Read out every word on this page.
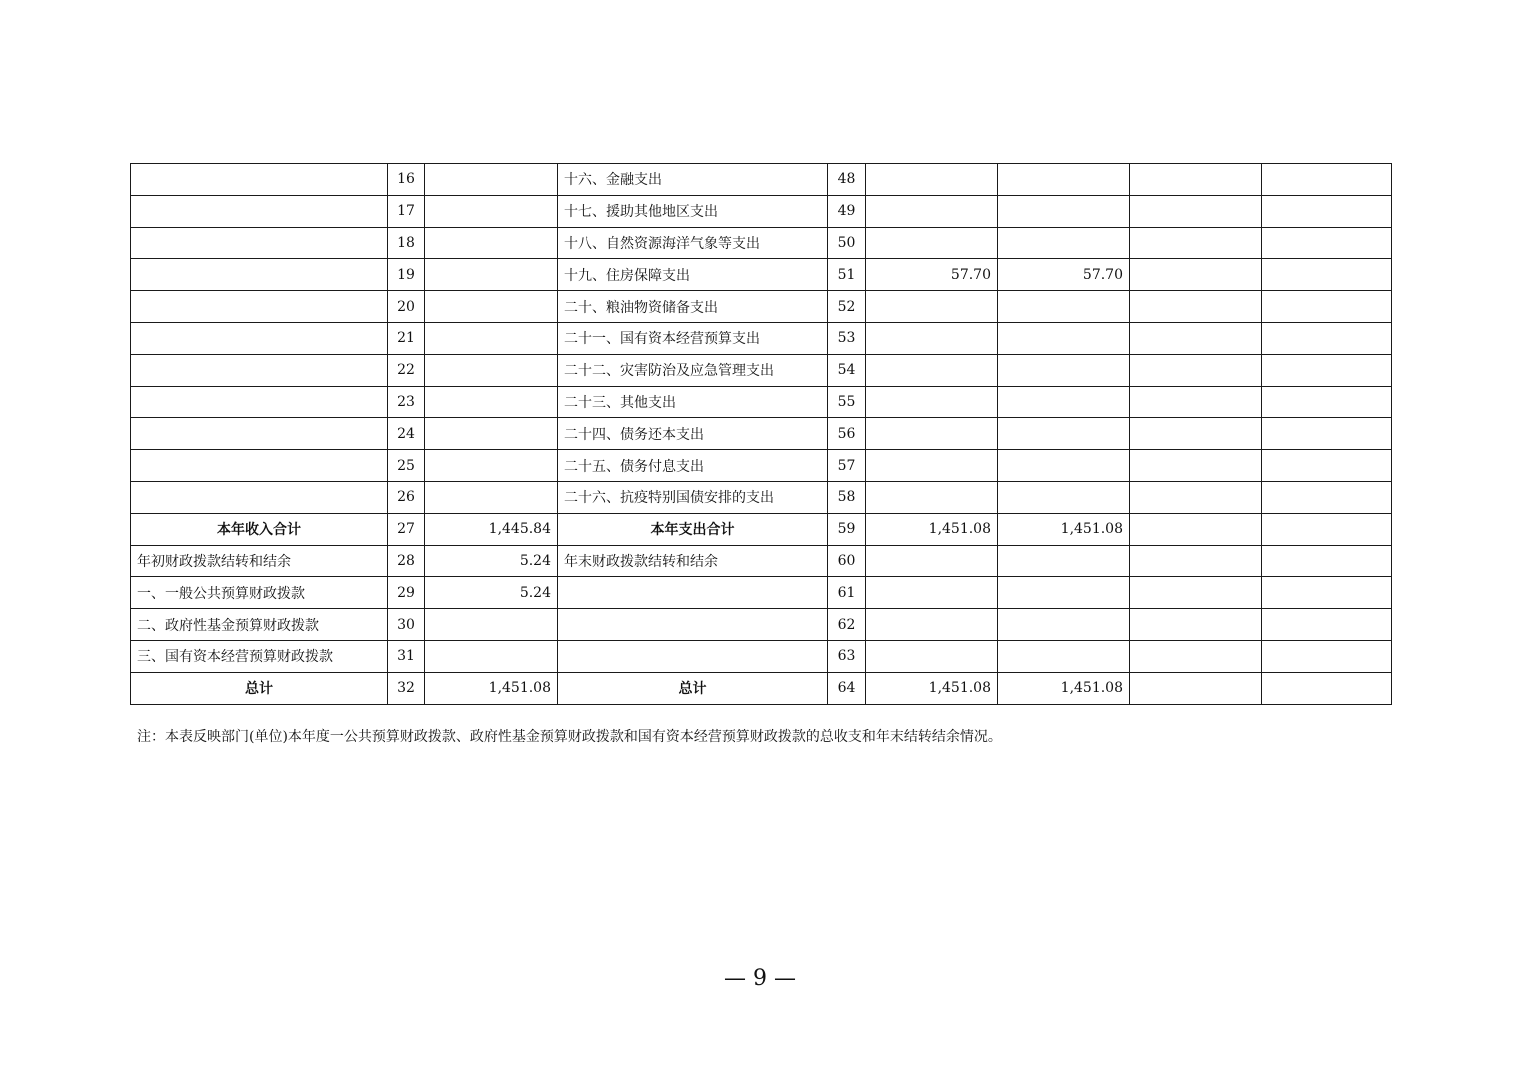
	16		十六、金融支出	48				
	17		十七、援助其他地区支出	49				
	18		十八、自然资源海洋气象等支出	50				
	19		十九、住房保障支出	51	57.70	57.70		
	20		二十、粮油物资储备支出	52				
	21		二十一、国有资本经营预算支出	53				
	22		二十二、灾害防治及应急管理支出	54				
	23		二十三、其他支出	55				
	24		二十四、债务还本支出	56				
	25		二十五、债务付息支出	57				
	26		二十六、抗疫特别国债安排的支出	58				
本年收入合计	27	1,445.84	本年支出合计	59	1,451.08	1,451.08		
年初财政拨款结转和结余	28	5.24	年末财政拨款结转和结余	60				
一、一般公共预算财政拨款	29	5.24		61				
二、政府性基金预算财政拨款	30			62				
三、国有资本经营预算财政拨款	31			63				
总计	32	1,451.08	总计	64	1,451.08	1,451.08		
注：本表反映部门(单位)本年度一公共预算财政拨款、政府性基金预算财政拨款和国有资本经营预算财政拨款的总收支和年末结转结余情况。
— 9 —
